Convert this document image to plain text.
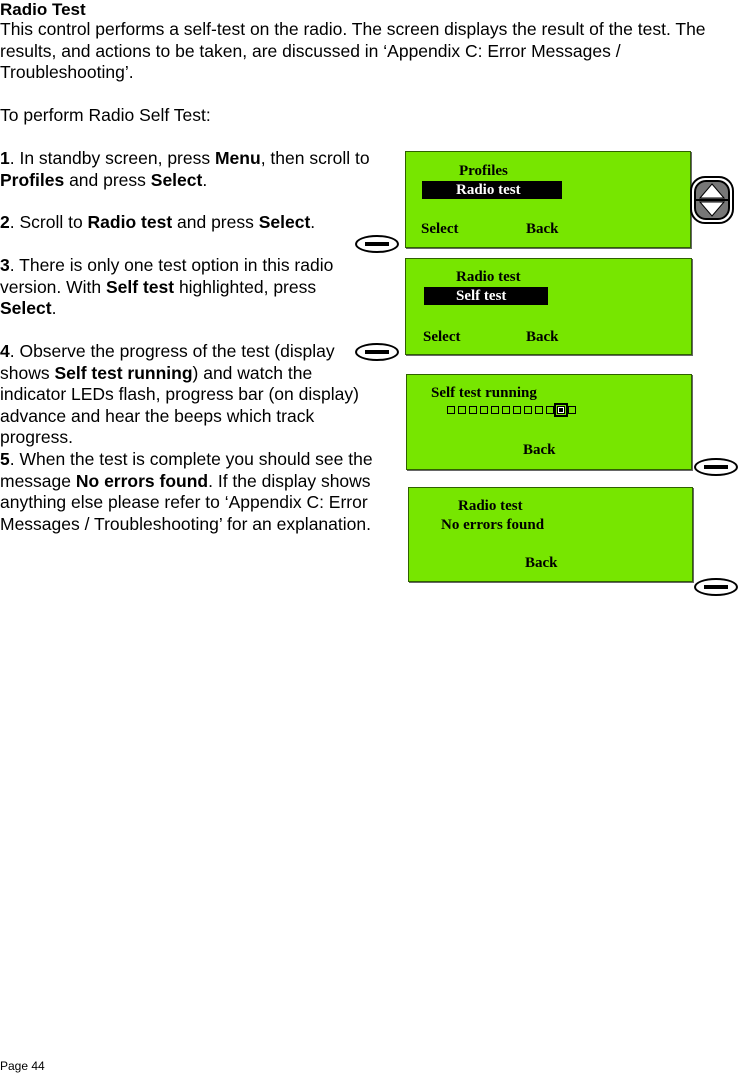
Radio Test

This control performs a self-test on the radio. The screen displays the result of the test. The results, and actions to be taken, are discussed in ‘Appendix C: Error Messages / Troubleshooting’.

To perform Radio Self Test:

1. In standby screen, press Menu, then scroll to Profiles and press Select.

2. Scroll to Radio test and press Select.

3. There is only one test option in this radio version. With Self test highlighted, press Select.

4. Observe the progress of the test (display shows Self test running) and watch the indicator LEDs flash, progress bar (on display) advance and hear the beeps which track progress.

5. When the test is complete you should see the message No errors found. If the display shows anything else please refer to ‘Appendix C: Error Messages / Troubleshooting’ for an explanation.

Profiles
Radio test
Select	Back
Radio test
Self test
Select	Back
Self test running
Back
Radio test
No errors found
Back
Page 44
